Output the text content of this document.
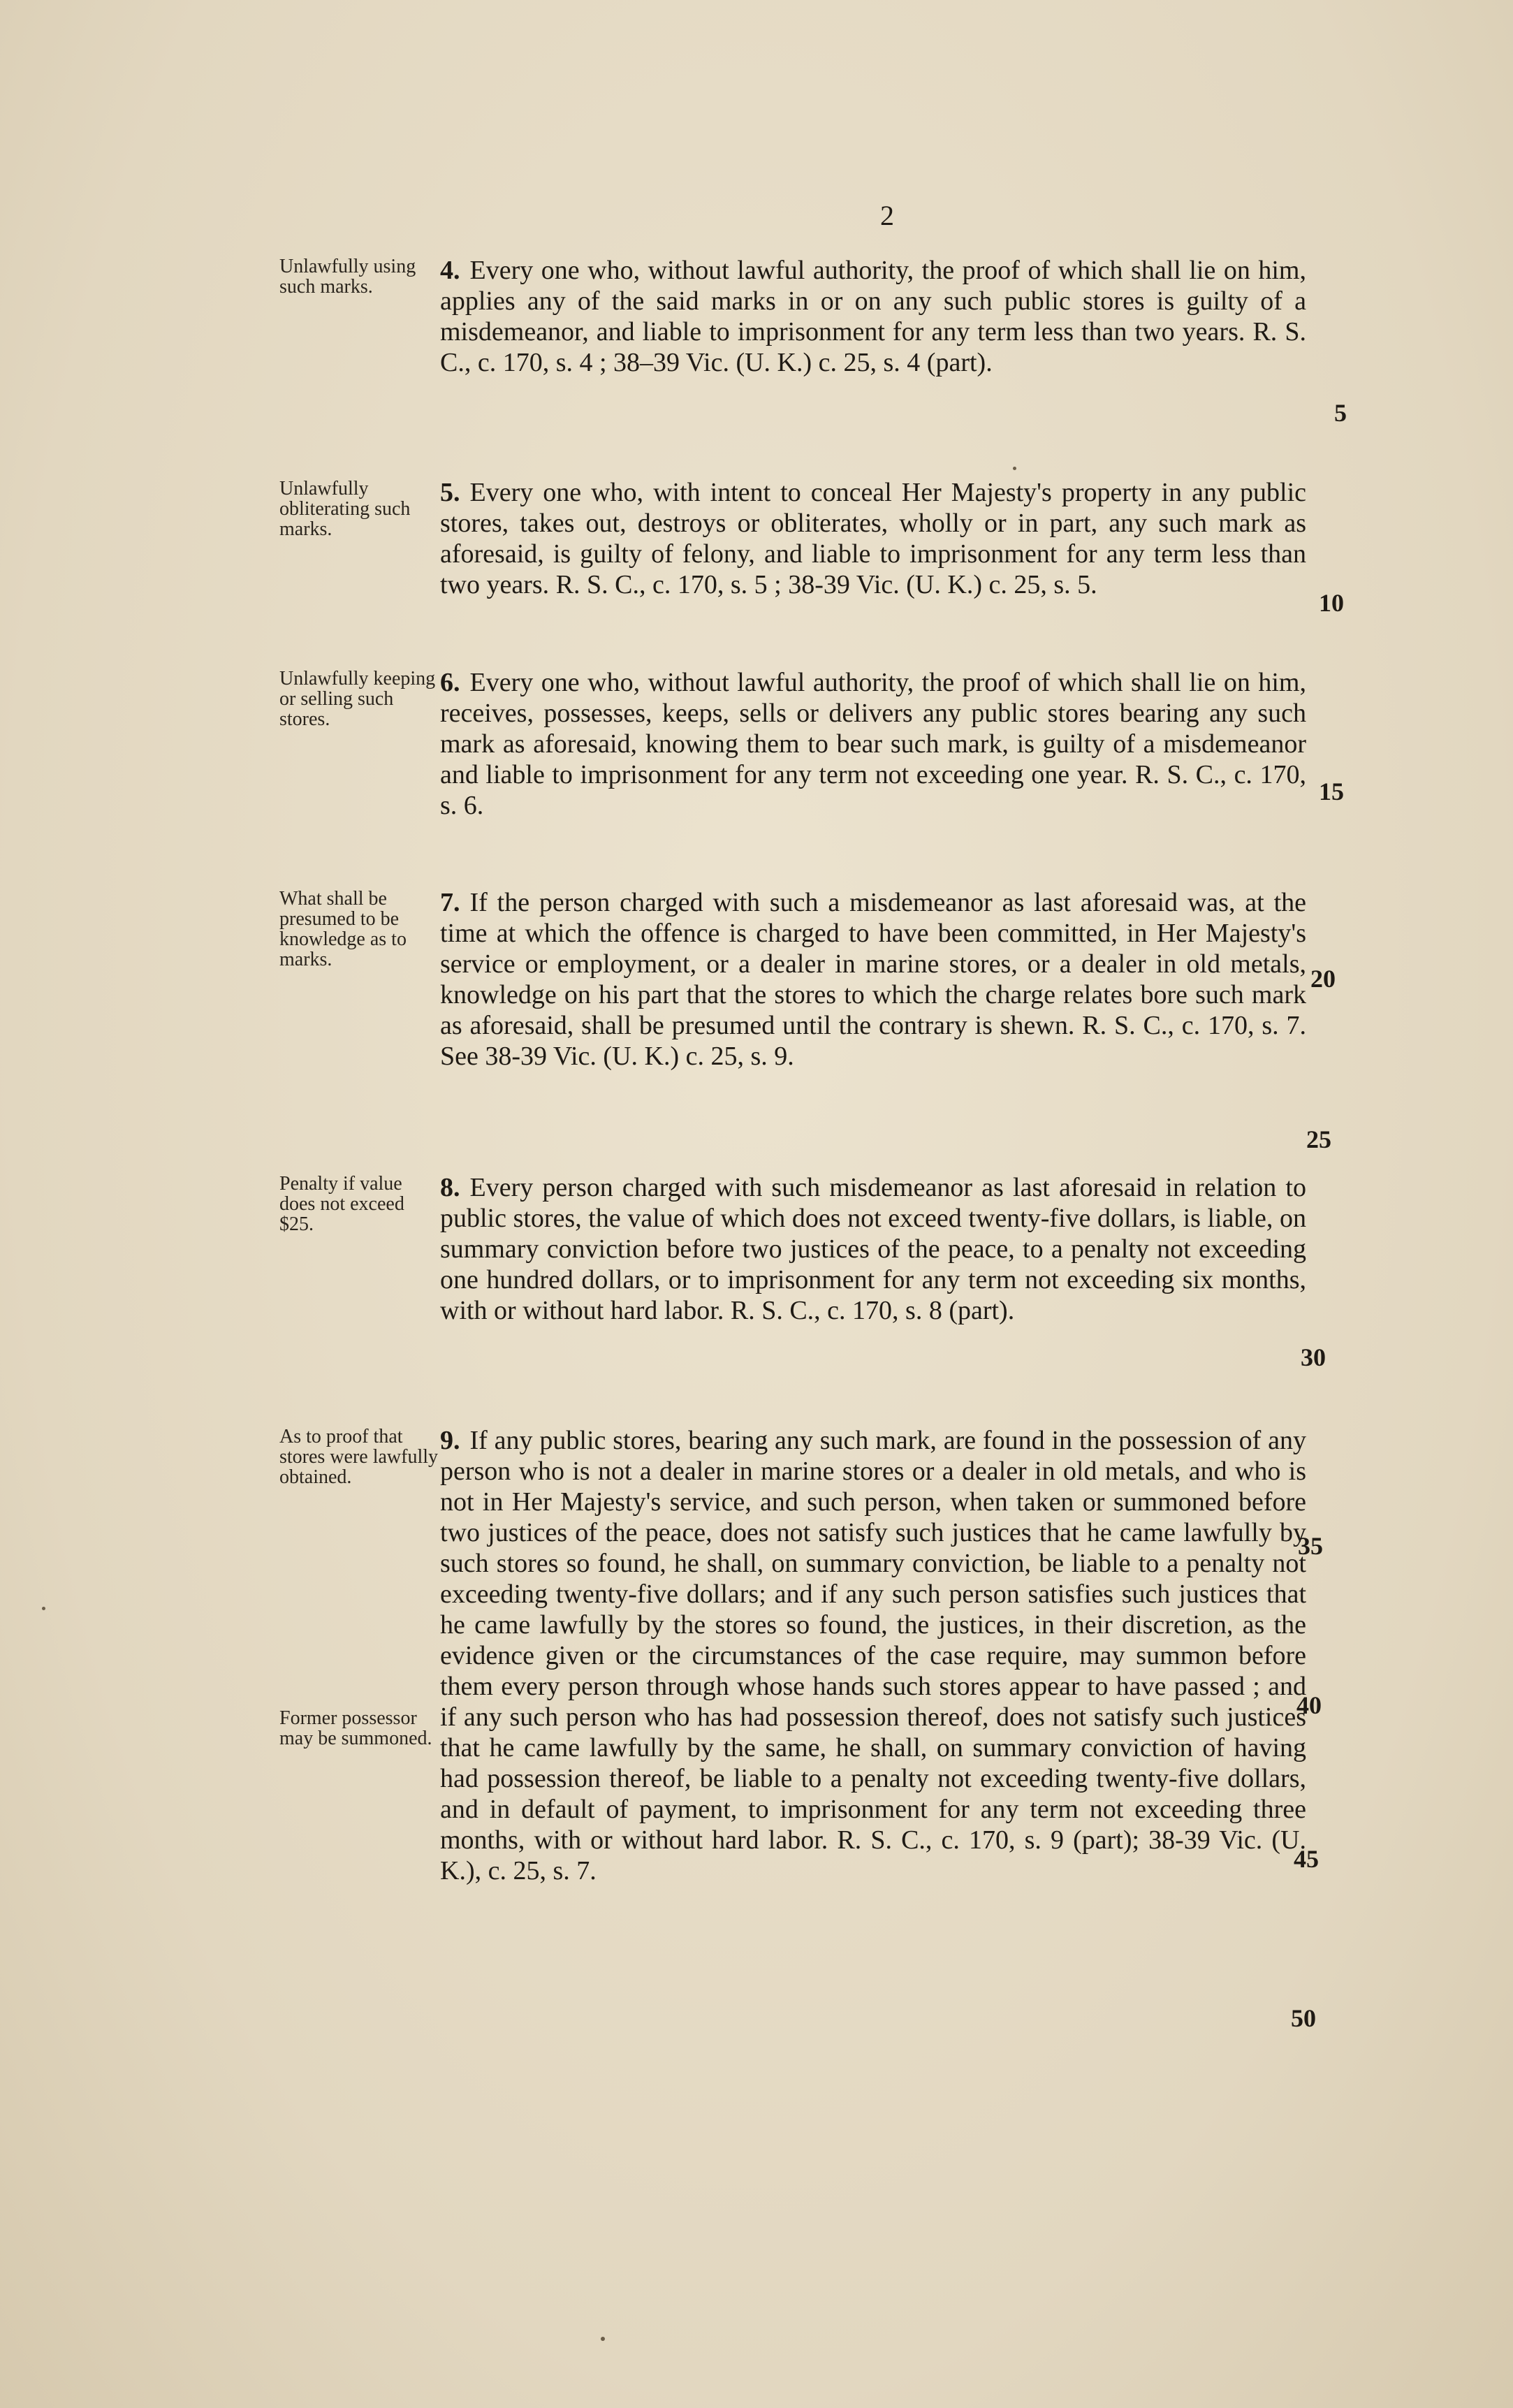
2
Unlawfully using such marks.
4. Every one who, without lawful authority, the proof of which shall lie on him, applies any of the said marks in or on any such public stores is guilty of a misdemeanor, and liable to imprisonment for any term less than two years. R. S. C., c. 170, s. 4 ; 38–39 Vic. (U. K.) c. 25, s. 4 (part).
Unlawfully obliterating such marks.
5. Every one who, with intent to conceal Her Majesty's property in any public stores, takes out, destroys or obliterates, wholly or in part, any such mark as aforesaid, is guilty of felony, and liable to imprisonment for any term less than two years. R. S. C., c. 170, s. 5 ; 38-39 Vic. (U. K.) c. 25, s. 5.
Unlawfully keeping or selling such stores.
6. Every one who, without lawful authority, the proof of which shall lie on him, receives, possesses, keeps, sells or delivers any public stores bearing any such mark as aforesaid, knowing them to bear such mark, is guilty of a misdemeanor and liable to imprisonment for any term not exceeding one year. R. S. C., c. 170, s. 6.
What shall be presumed to be knowledge as to marks.
7. If the person charged with such a misdemeanor as last aforesaid was, at the time at which the offence is charged to have been committed, in Her Majesty's service or employment, or a dealer in marine stores, or a dealer in old metals, knowledge on his part that the stores to which the charge relates bore such mark as aforesaid, shall be presumed until the contrary is shewn. R. S. C., c. 170, s. 7. See 38-39 Vic. (U. K.) c. 25, s. 9.
Penalty if value does not exceed $25.
8. Every person charged with such misdemeanor as last aforesaid in relation to public stores, the value of which does not exceed twenty-five dollars, is liable, on summary conviction before two justices of the peace, to a penalty not exceeding one hundred dollars, or to imprisonment for any term not exceeding six months, with or without hard labor. R. S. C., c. 170, s. 8 (part).
As to proof that stores were lawfully obtained.
Former possessor may be summoned.
9. If any public stores, bearing any such mark, are found in the possession of any person who is not a dealer in marine stores or a dealer in old metals, and who is not in Her Majesty's service, and such person, when taken or summoned before two justices of the peace, does not satisfy such justices that he came lawfully by such stores so found, he shall, on summary conviction, be liable to a penalty not exceeding twenty-five dollars; and if any such person satisfies such justices that he came lawfully by the stores so found, the justices, in their discretion, as the evidence given or the circumstances of the case require, may summon before them every person through whose hands such stores appear to have passed ; and if any such person who has had possession thereof, does not satisfy such justices that he came lawfully by the same, he shall, on summary conviction of having had possession thereof, be liable to a penalty not exceeding twenty-five dollars, and in default of payment, to imprisonment for any term not exceeding three months, with or without hard labor. R. S. C., c. 170, s. 9 (part); 38-39 Vic. (U. K.), c. 25, s. 7.
5
10
15
20
25
30
35
40
45
50
